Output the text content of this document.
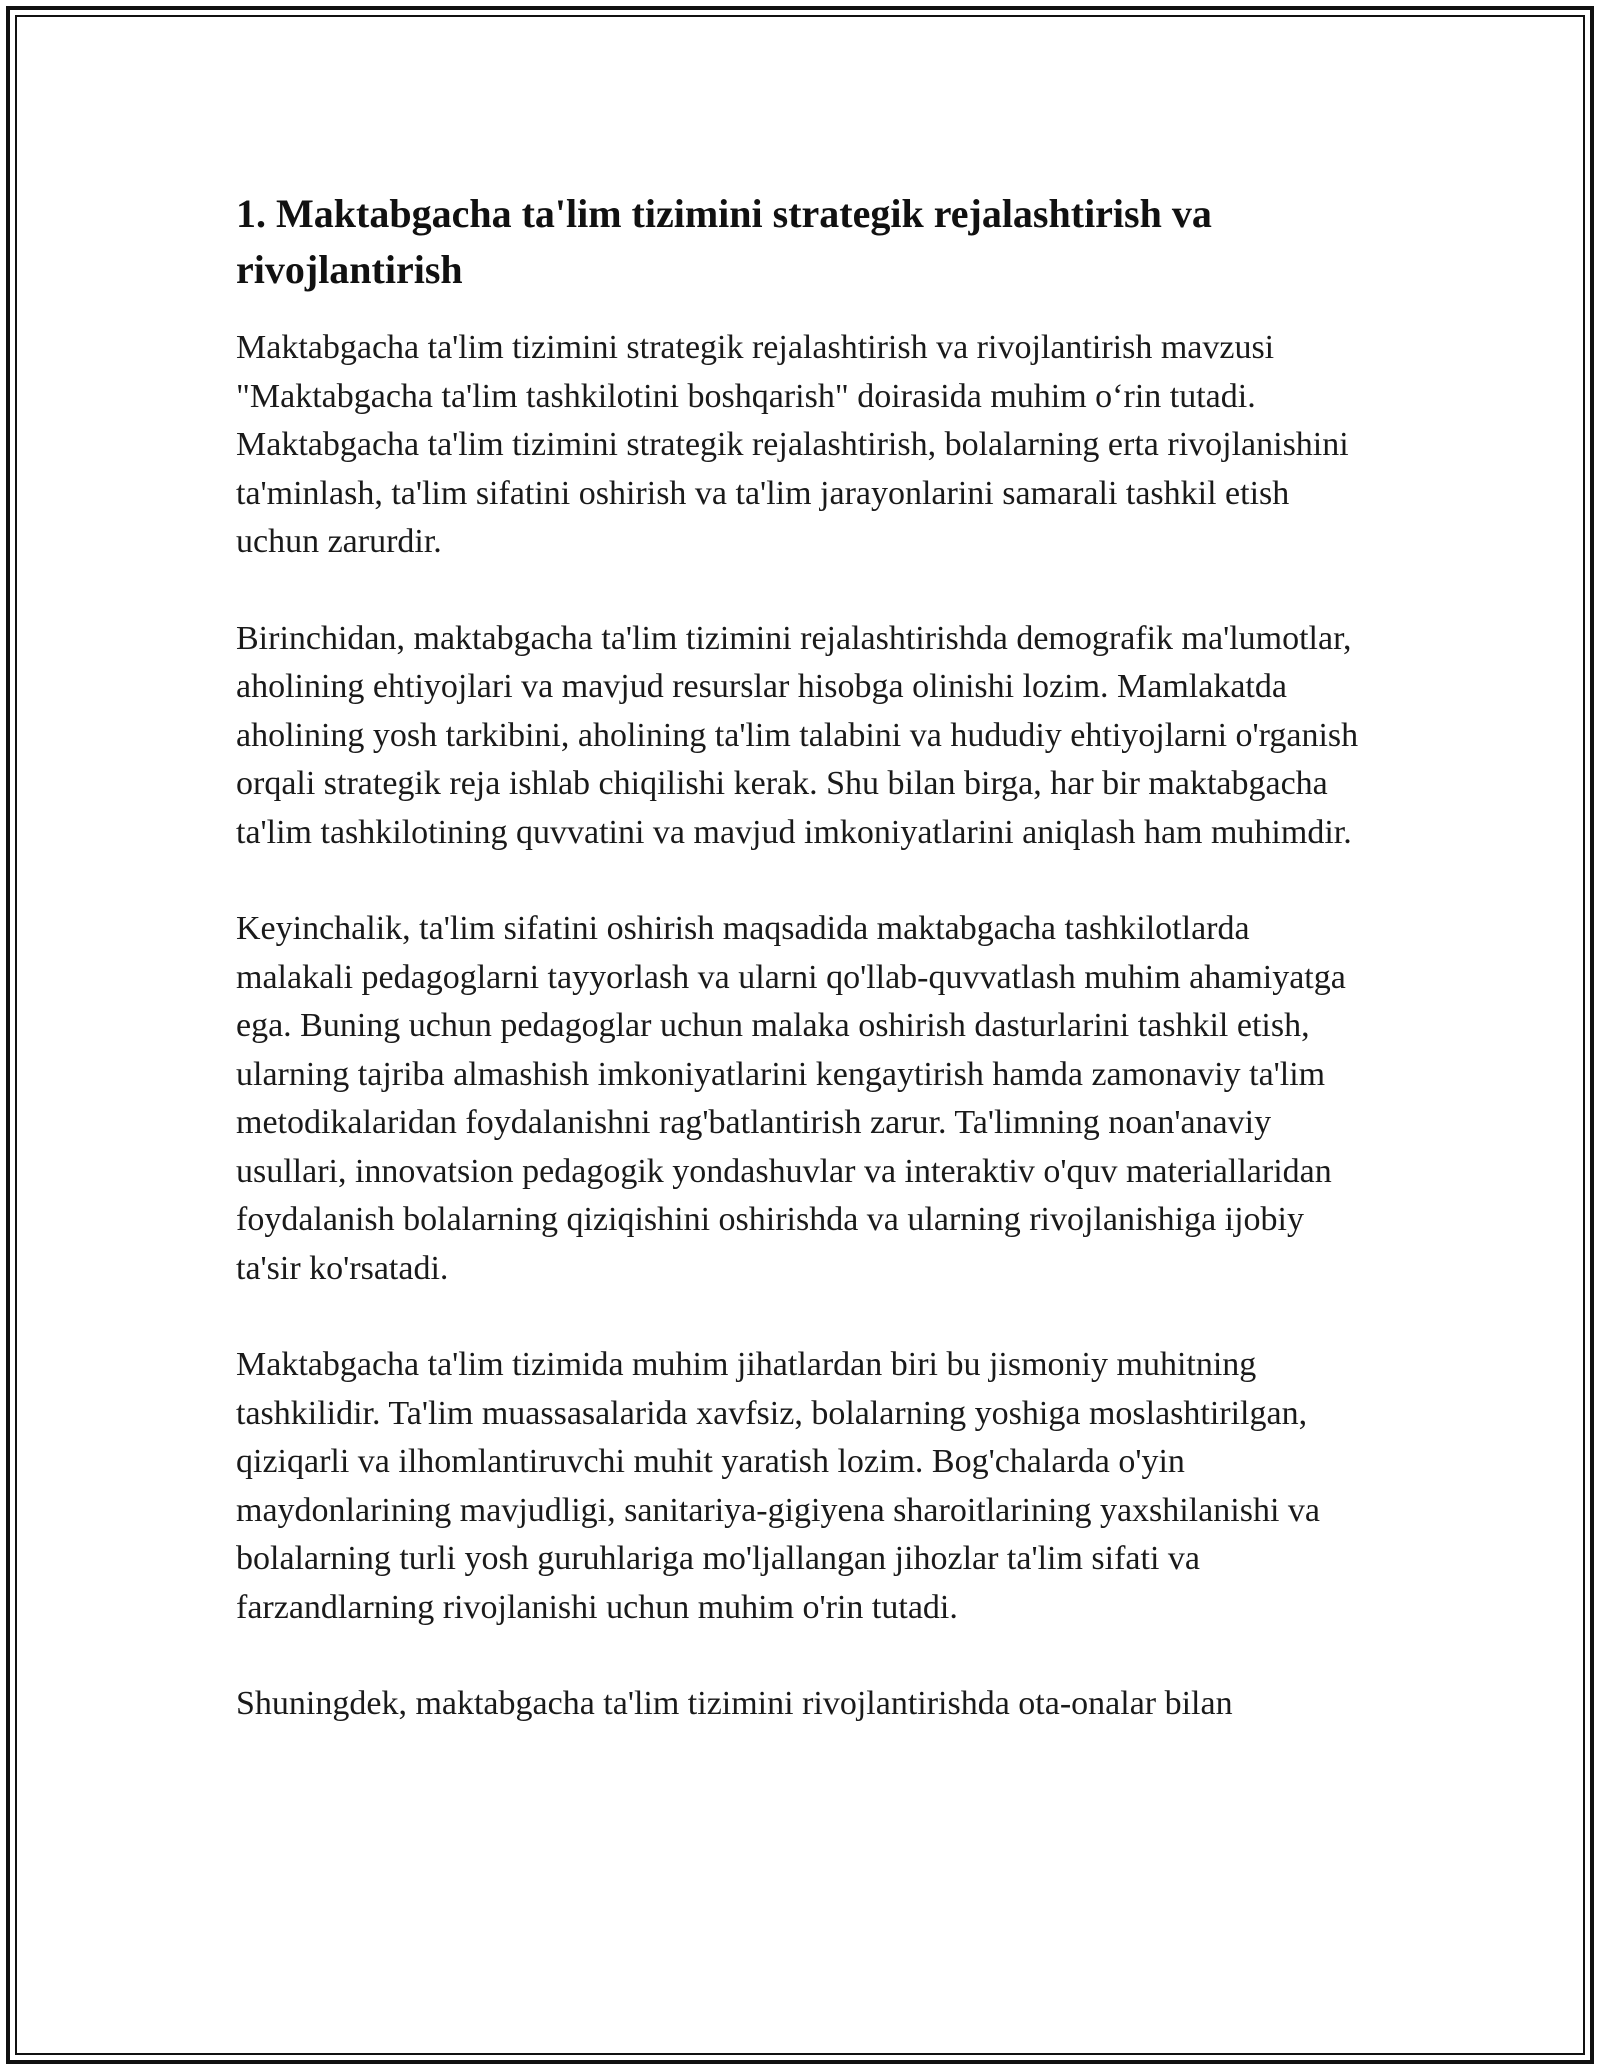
1. Maktabgacha ta'lim tizimini strategik rejalashtirish va rivojlantirish

Maktabgacha ta'lim tizimini strategik rejalashtirish va rivojlantirish mavzusi "Maktabgacha ta'lim tashkilotini boshqarish" doirasida muhim o‘rin tutadi. Maktabgacha ta'lim tizimini strategik rejalashtirish, bolalarning erta rivojlanishini ta'minlash, ta'lim sifatini oshirish va ta'lim jarayonlarini samarali tashkil etish uchun zarurdir.

Birinchidan, maktabgacha ta'lim tizimini rejalashtirishda demografik ma'lumotlar, aholining ehtiyojlari va mavjud resurslar hisobga olinishi lozim. Mamlakatda aholining yosh tarkibini, aholining ta'lim talabini va hududiy ehtiyojlarni o'rganish orqali strategik reja ishlab chiqilishi kerak. Shu bilan birga, har bir maktabgacha ta'lim tashkilotining quvvatini va mavjud imkoniyatlarini aniqlash ham muhimdir.

Keyinchalik, ta'lim sifatini oshirish maqsadida maktabgacha tashkilotlarda malakali pedagoglarni tayyorlash va ularni qo'llab-quvvatlash muhim ahamiyatga ega. Buning uchun pedagoglar uchun malaka oshirish dasturlarini tashkil etish, ularning tajriba almashish imkoniyatlarini kengaytirish hamda zamonaviy ta'lim metodikalaridan foydalanishni rag'batlantirish zarur. Ta'limning noan'anaviy usullari, innovatsion pedagogik yondashuvlar va interaktiv o'quv materiallaridan foydalanish bolalarning qiziqishini oshirishda va ularning rivojlanishiga ijobiy ta'sir ko'rsatadi.

Maktabgacha ta'lim tizimida muhim jihatlardan biri bu jismoniy muhitning tashkilidir. Ta'lim muassasalarida xavfsiz, bolalarning yoshiga moslashtirilgan, qiziqarli va ilhomlantiruvchi muhit yaratish lozim. Bog'chalarda o'yin maydonlarining mavjudligi, sanitariya-gigiyena sharoitlarining yaxshilanishi va bolalarning turli yosh guruhlariga mo'ljallangan jihozlar ta'lim sifati va farzandlarning rivojlanishi uchun muhim o'rin tutadi.

Shuningdek, maktabgacha ta'lim tizimini rivojlantirishda ota-onalar bilan
